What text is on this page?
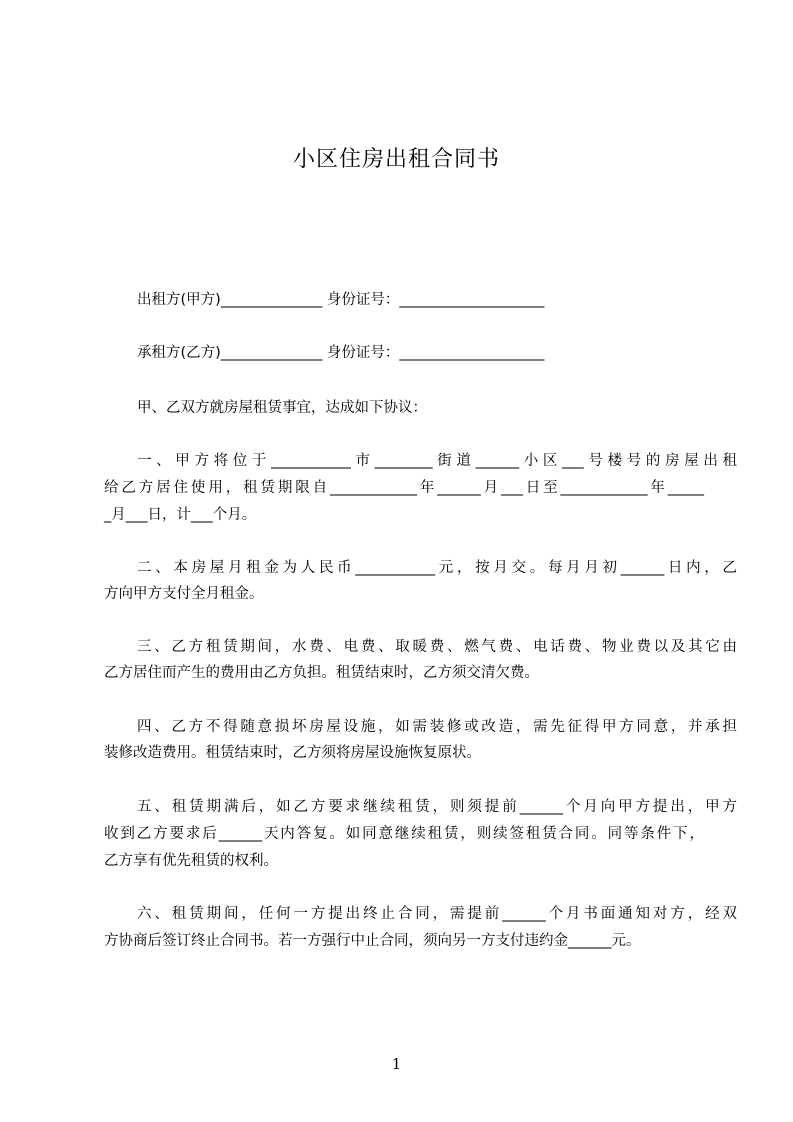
小区住房出租合同书
出租方(甲方)______________ 身份证号：____________________
承租方(乙方)______________ 身份证号：____________________
甲、乙双方就房屋租赁事宜，达成如下协议：
一、甲方将位于___________市________街道______小区___号楼号的房屋出租
给乙方居住使用，租赁期限自____________年______月___日至____________年_____
_月___日，计___个月。
二、本房屋月租金为人民币___________元，按月交。每月月初______日内，乙
方向甲方支付全月租金。
三、乙方租赁期间，水费、电费、取暖费、燃气费、电话费、物业费以及其它由
乙方居住而产生的费用由乙方负担。租赁结束时，乙方须交清欠费。
四、乙方不得随意损坏房屋设施，如需装修或改造，需先征得甲方同意，并承担
装修改造费用。租赁结束时，乙方须将房屋设施恢复原状。
五、租赁期满后，如乙方要求继续租赁，则须提前______个月向甲方提出，甲方
收到乙方要求后______天内答复。如同意继续租赁，则续签租赁合同。同等条件下，
乙方享有优先租赁的权利。
六、租赁期间，任何一方提出终止合同，需提前______个月书面通知对方，经双
方协商后签订终止合同书。若一方强行中止合同，须向另一方支付违约金______元。
1
